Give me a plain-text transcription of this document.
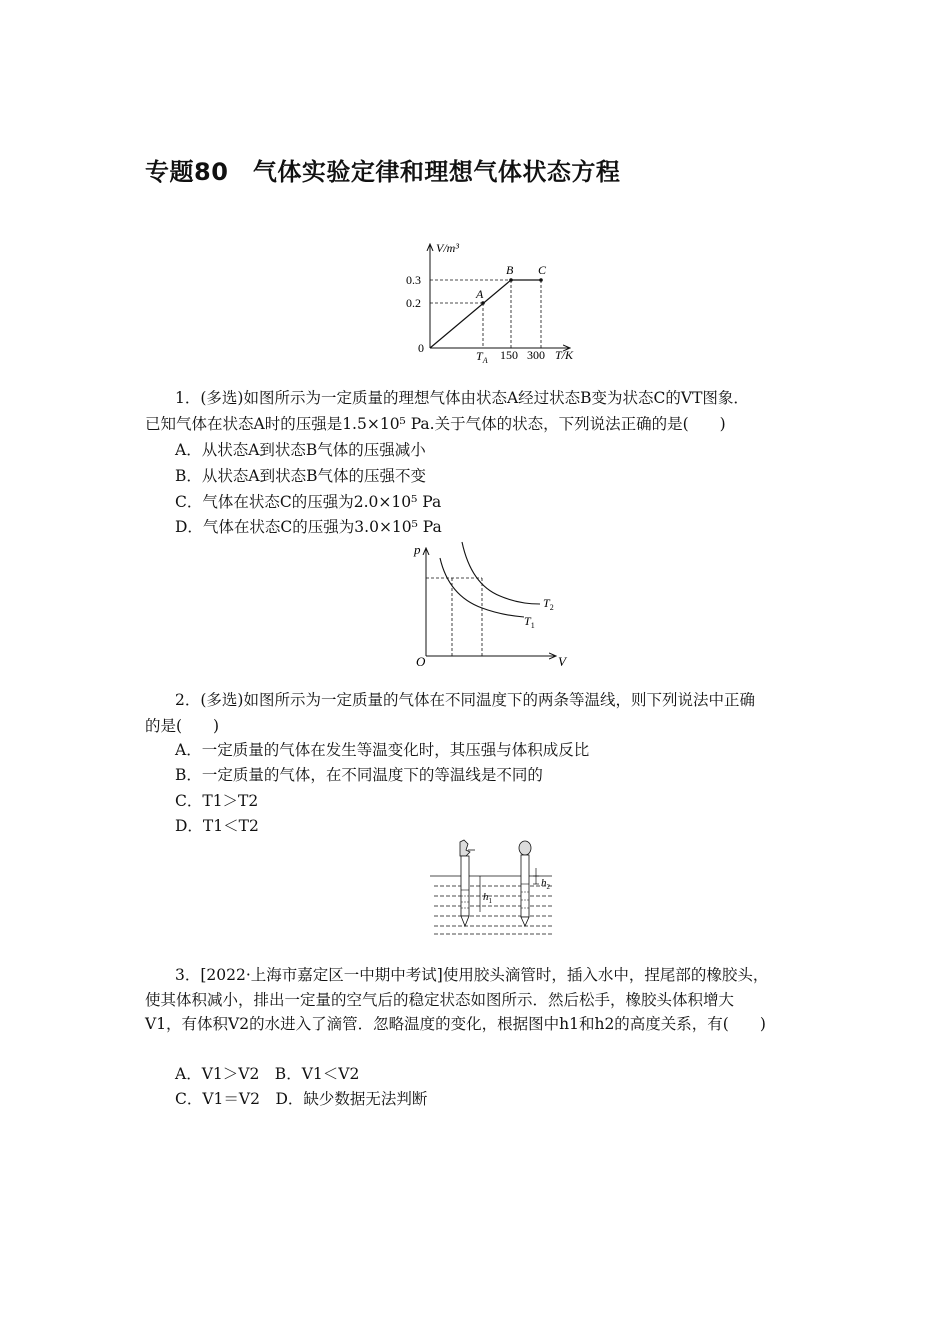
专题80　气体实验定律和理想气体状态方程
V/m³
0
0.3
0.2
A
B C
$T_A$ 150 300 T/K
1．(多选)如图所示为一定质量的理想气体由状态A经过状态B变为状态C的VT图象．
已知气体在状态A时的压强是1.5×10⁵ Pa.关于气体的状态，下列说法正确的是(　　)
A．从状态A到状态B气体的压强减小
B．从状态A到状态B气体的压强不变
C．气体在状态C的压强为2.0×10⁵ Pa
D．气体在状态C的压强为3.0×10⁵ Pa
p
V
O
$T_2$
$T_1$
2．(多选)如图所示为一定质量的气体在不同温度下的两条等温线，则下列说法中正确
的是(　　)
A．一定质量的气体在发生等温变化时，其压强与体积成反比
B．一定质量的气体，在不同温度下的等温线是不同的
C．T1＞T2
D．T1＜T2
$h_1$
$h_2$
3．[2022·上海市嘉定区一中期中考试]使用胶头滴管时，插入水中，捏尾部的橡胶头，
使其体积减小，排出一定量的空气后的稳定状态如图所示．然后松手，橡胶头体积增大
V1，有体积V2的水进入了滴管．忽略温度的变化，根据图中h1和h2的高度关系，有(　　)
A．V1＞V2　B．V1＜V2
C．V1＝V2　D．缺少数据无法判断
